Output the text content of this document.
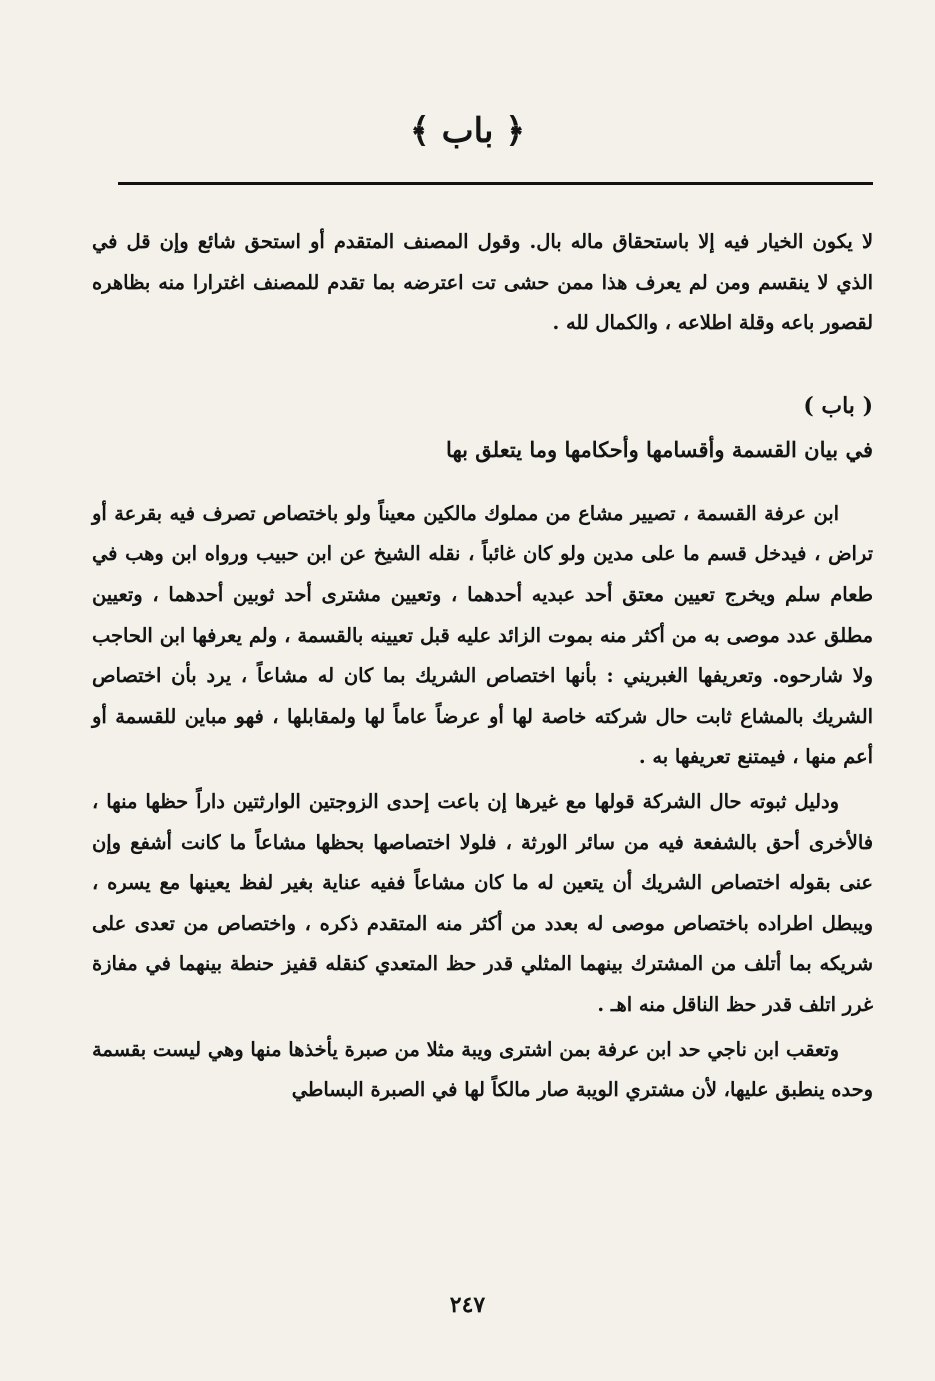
﴿ باب ﴾

لا يكون الخيار فيه إلا باستحقاق ماله بال. وقول المصنف المتقدم أو استحق شائع وإن قل في الذي لا ينقسم ومن لم يعرف هذا ممن حشى تت اعترضه بما تقدم للمصنف اغترارا منه بظاهره لقصور باعه وقلة اطلاعه ، والكمال لله .

( باب )
في بيان القسمة وأقسامها وأحكامها وما يتعلق بها

ابن عرفة القسمة ، تصيير مشاع من مملوك مالكين معيناً ولو باختصاص تصرف فيه بقرعة أو تراض ، فيدخل قسم ما على مدين ولو كان غائباً ، نقله الشيخ عن ابن حبيب ورواه ابن وهب في طعام سلم ويخرج تعيين معتق أحد عبديه أحدهما ، وتعيين مشترى أحد ثوبين أحدهما ، وتعيين مطلق عدد موصى به من أكثر منه بموت الزائد عليه قبل تعيينه بالقسمة ، ولم يعرفها ابن الحاجب ولا شارحوه. وتعريفها الغبريني : بأنها اختصاص الشريك بما كان له مشاعاً ، يرد بأن اختصاص الشريك بالمشاع ثابت حال شركته خاصة لها أو عرضاً عاماً لها ولمقابلها ، فهو مباين للقسمة أو أعم منها ، فيمتنع تعريفها به .

ودليل ثبوته حال الشركة قولها مع غيرها إن باعت إحدى الزوجتين الوارثتين داراً حظها منها ، فالأخرى أحق بالشفعة فيه من سائر الورثة ، فلولا اختصاصها بحظها مشاعاً ما كانت أشفع وإن عنى بقوله اختصاص الشريك أن يتعين له ما كان مشاعاً ففيه عناية بغير لفظ يعينها مع يسره ، ويبطل اطراده باختصاص موصى له بعدد من أكثر منه المتقدم ذكره ، واختصاص من تعدى على شريكه بما أتلف من المشترك بينهما المثلي قدر حظ المتعدي كنقله قفيز حنطة بينهما في مفازة غرر اتلف قدر حظ الناقل منه اهـ .

وتعقب ابن ناجي حد ابن عرفة بمن اشترى ويبة مثلا من صبرة يأخذها منها وهي ليست بقسمة وحده ينطبق عليها، لأن مشتري الويبة صار مالكاً لها في الصبرة البساطي

٢٤٧
